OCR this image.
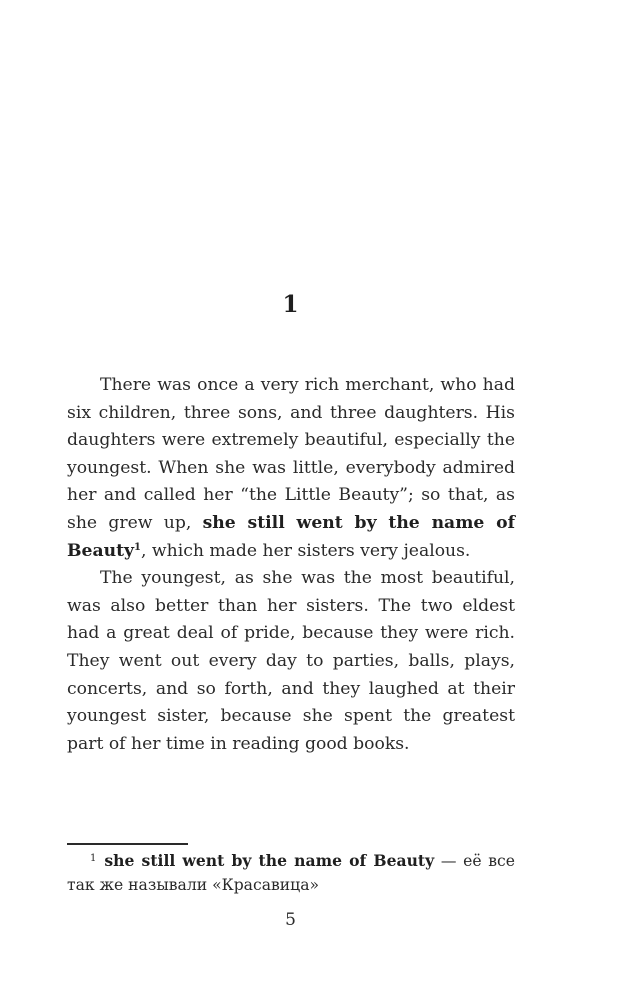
1

There was once a very rich merchant, who had six children, three sons, and three daughters. His daughters were extremely beautiful, especially the youngest. When she was little, everybody admired her and called her “the Little Beauty”; so that, as she grew up, she still went by the name of Beauty$^1$, which made her sisters very jealous.

The youngest, as she was the most beautiful, was also better than her sisters. The two eldest had a great deal of pride, because they were rich. They went out every day to parties, balls, plays, concerts, and so forth, and they laughed at their youngest sister, because she spent the greatest part of her time in reading good books.

$^1$ she still went by the name of Beauty — её все так же называли «Красавица»
5
